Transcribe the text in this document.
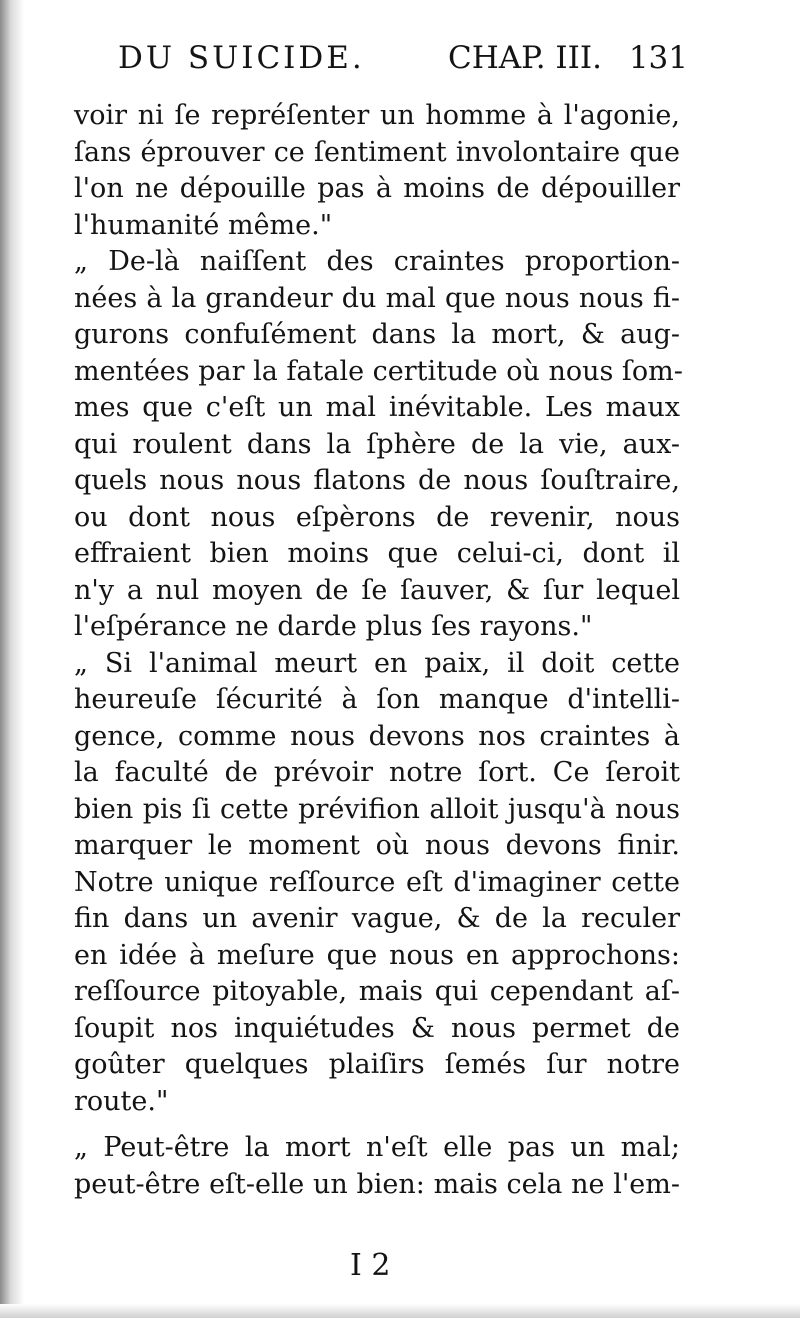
DU SUICIDE.	CHAP. III. 131
voir ni ſe repréſenter un homme à l'agonie,
ſans éprouver ce ſentiment involontaire que
l'on ne dépouille pas à moins de dépouiller
l'humanité même."
„ De-là naiſſent des craintes proportion-
nées à la grandeur du mal que nous nous fi-
gurons confuſément dans la mort, & aug-
mentées par la fatale certitude où nous ſom-
mes que c'eſt un mal inévitable. Les maux
qui roulent dans la ſphère de la vie, aux-
quels nous nous flatons de nous ſouſtraire,
ou dont nous eſpèrons de revenir, nous
effraient bien moins que celui-ci, dont il
n'y a nul moyen de ſe ſauver, & ſur lequel
l'eſpérance ne darde plus ſes rayons."
„ Si l'animal meurt en paix, il doit cette
heureuſe ſécurité à ſon manque d'intelli-
gence, comme nous devons nos craintes à
la faculté de prévoir notre ſort. Ce ſeroit
bien pis ſi cette prévifion alloit jusqu'à nous
marquer le moment où nous devons finir.
Notre unique reſſource eſt d'imaginer cette
fin dans un avenir vague, & de la reculer
en idée à meſure que nous en approchons:
reſſource pitoyable, mais qui cependant aſ-
ſoupit nos inquiétudes & nous permet de
goûter quelques plaiſirs ſemés ſur notre
route."
„ Peut-être la mort n'eſt elle pas un mal;
peut-être eſt-elle un bien: mais cela ne l'em-
I 2
